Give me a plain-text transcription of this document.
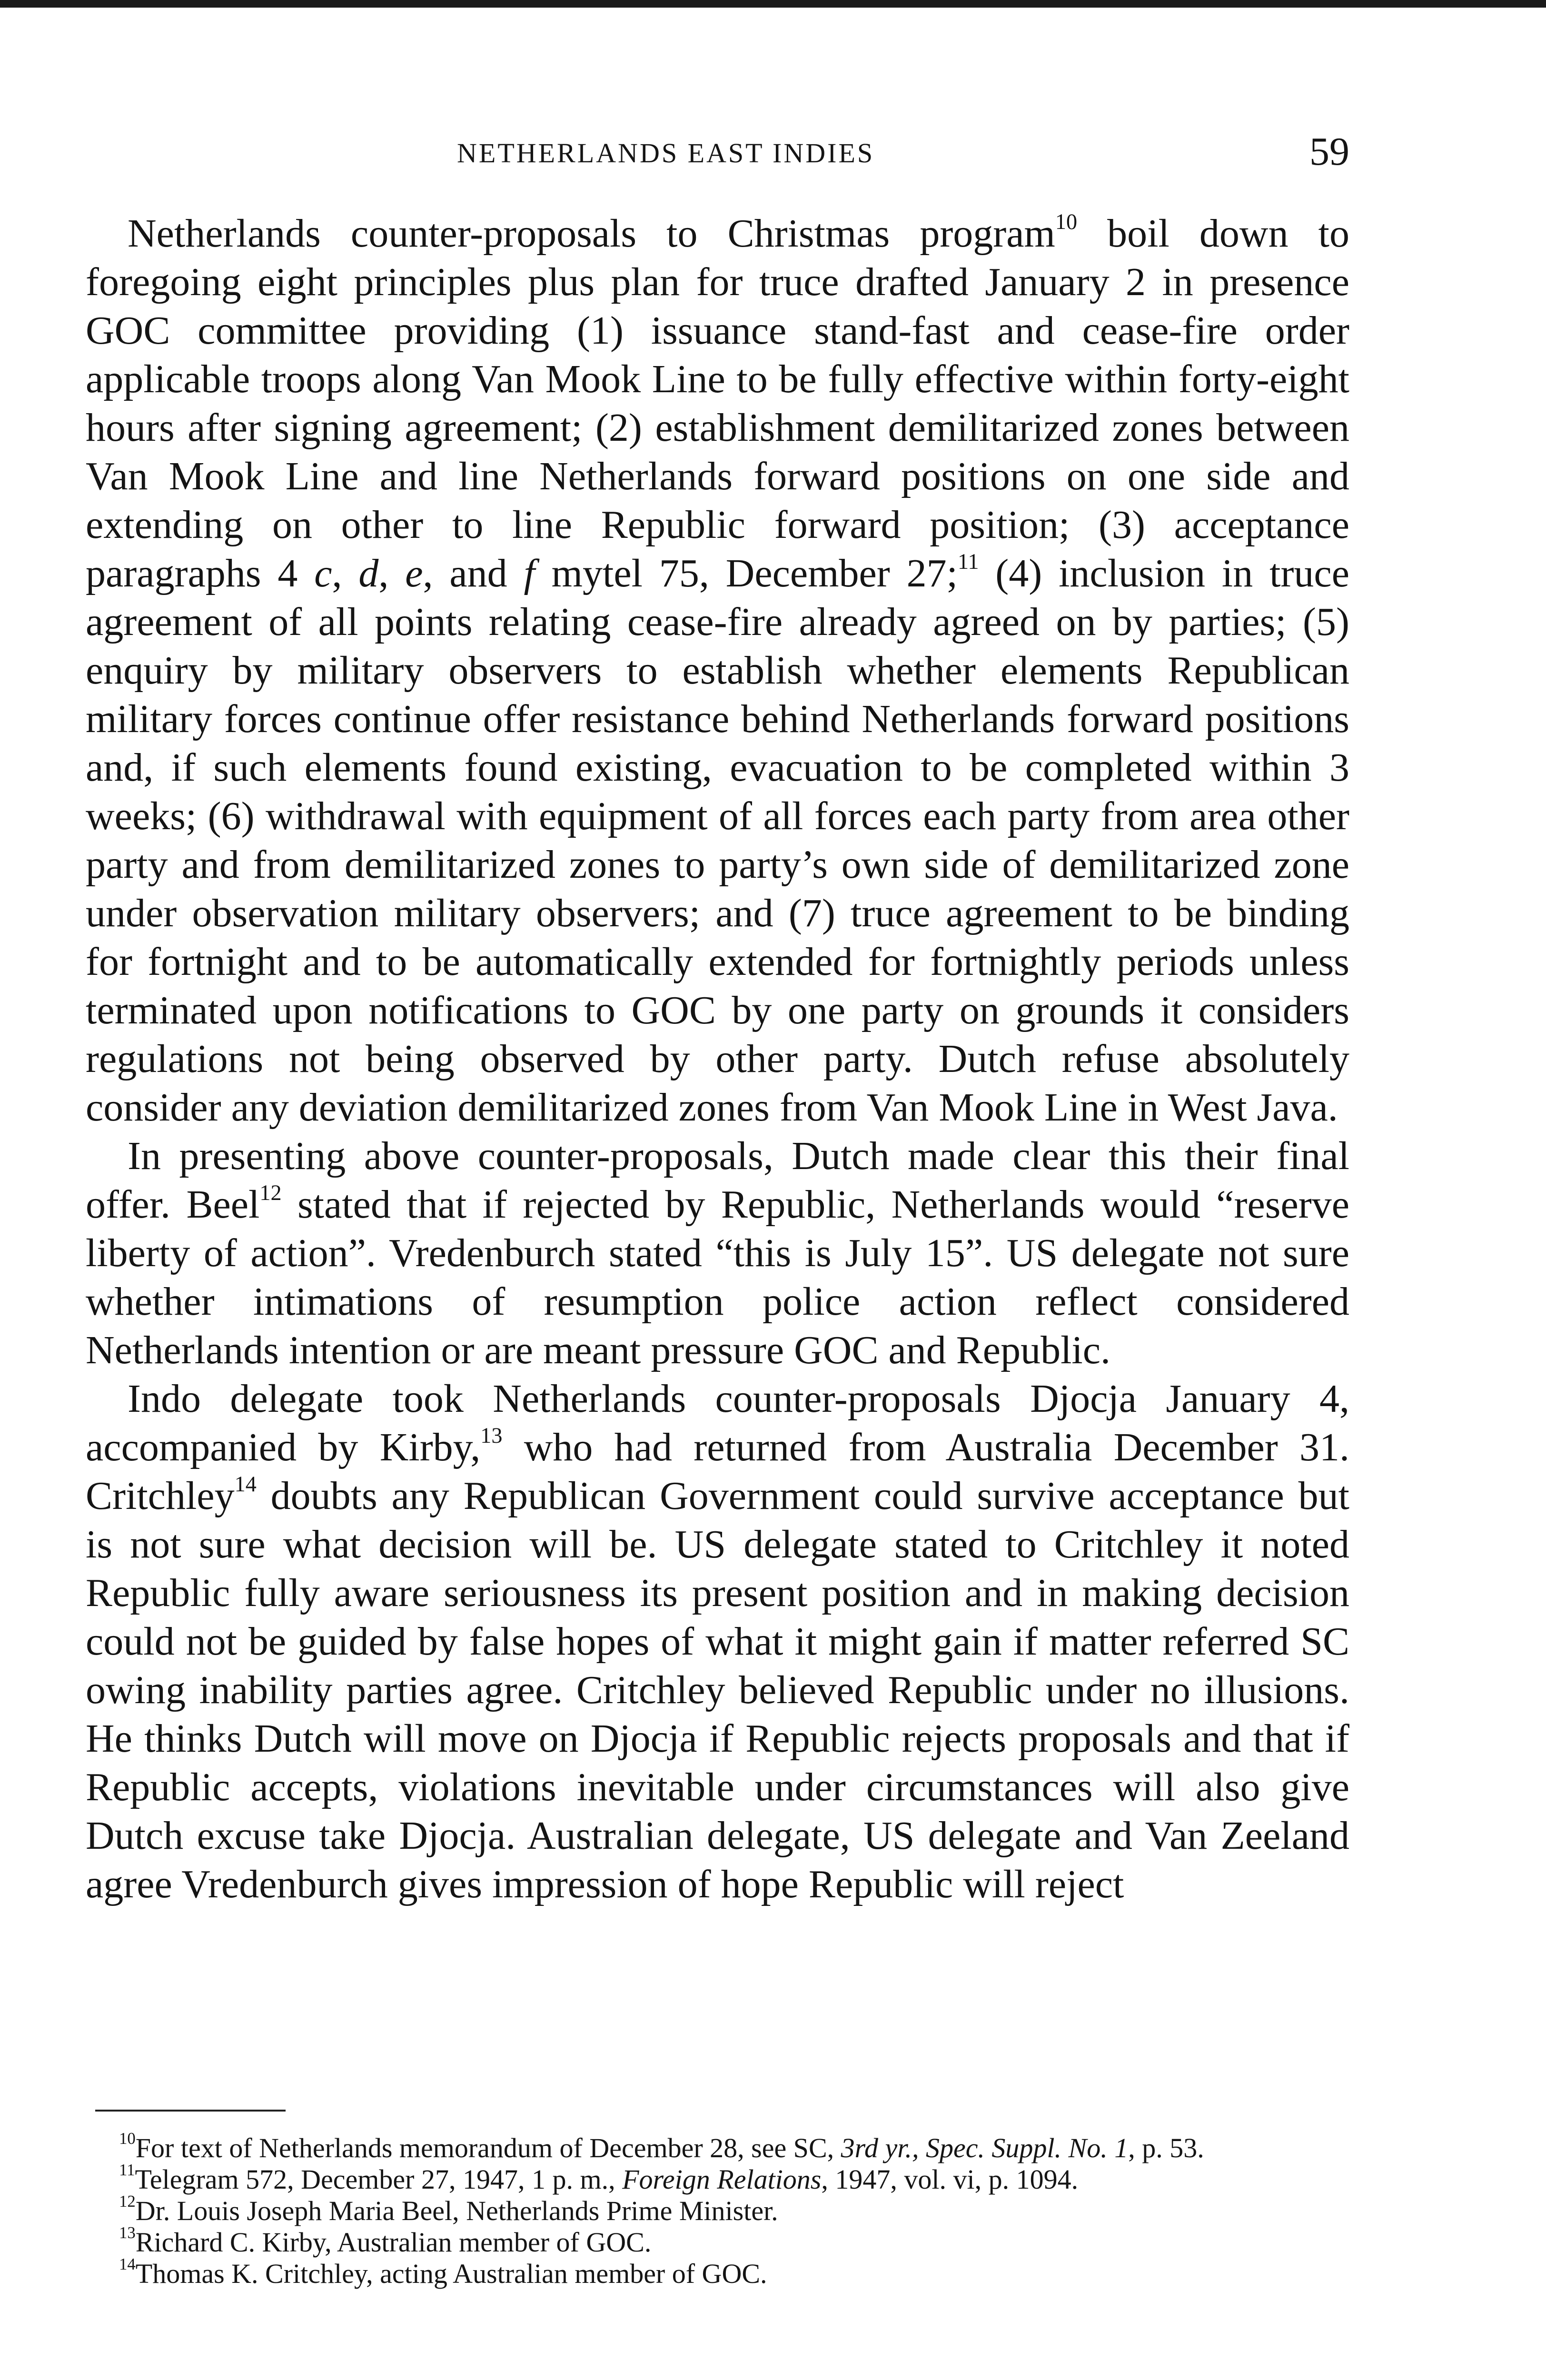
NETHERLANDS EAST INDIES	59

Netherlands counter-proposals to Christmas program$^{10}$ boil down to foregoing eight principles plus plan for truce drafted January 2 in presence GOC committee providing (1) issuance stand-fast and cease-fire order applicable troops along Van Mook Line to be fully effective within forty-eight hours after signing agreement; (2) establishment demilitarized zones between Van Mook Line and line Netherlands forward positions on one side and extending on other to line Republic forward position; (3) acceptance paragraphs 4 c, d, e, and f mytel 75, December 27;$^{11}$ (4) inclusion in truce agreement of all points relating cease-fire already agreed on by parties; (5) enquiry by military observers to establish whether elements Republican military forces continue offer resistance behind Netherlands forward positions and, if such elements found existing, evacuation to be completed within 3 weeks; (6) withdrawal with equipment of all forces each party from area other party and from demilitarized zones to party’s own side of demilitarized zone under observation military observers; and (7) truce agreement to be binding for fortnight and to be automatically extended for fortnightly periods unless terminated upon notifications to GOC by one party on grounds it considers regulations not being observed by other party. Dutch refuse absolutely consider any deviation demilitarized zones from Van Mook Line in West Java.

In presenting above counter-proposals, Dutch made clear this their final offer. Beel$^{12}$ stated that if rejected by Republic, Netherlands would “reserve liberty of action”. Vredenburch stated “this is July 15”. US delegate not sure whether intimations of resumption police action reflect considered Netherlands intention or are meant pressure GOC and Republic.

Indo delegate took Netherlands counter-proposals Djocja January 4, accompanied by Kirby,$^{13}$ who had returned from Australia December 31. Critchley$^{14}$ doubts any Republican Government could survive acceptance but is not sure what decision will be. US delegate stated to Critchley it noted Republic fully aware seriousness its present position and in making decision could not be guided by false hopes of what it might gain if matter referred SC owing inability parties agree. Critchley believed Republic under no illusions. He thinks Dutch will move on Djocja if Republic rejects proposals and that if Republic accepts, violations inevitable under circumstances will also give Dutch excuse take Djocja. Australian delegate, US delegate and Van Zeeland agree Vredenburch gives impression of hope Republic will reject

$^{10}$For text of Netherlands memorandum of December 28, see SC, 3rd yr., Spec. Suppl. No. 1, p. 53.

$^{11}$Telegram 572, December 27, 1947, 1 p. m., Foreign Relations, 1947, vol. vi, p. 1094.

$^{12}$Dr. Louis Joseph Maria Beel, Netherlands Prime Minister.

$^{13}$Richard C. Kirby, Australian member of GOC.

$^{14}$Thomas K. Critchley, acting Australian member of GOC.
